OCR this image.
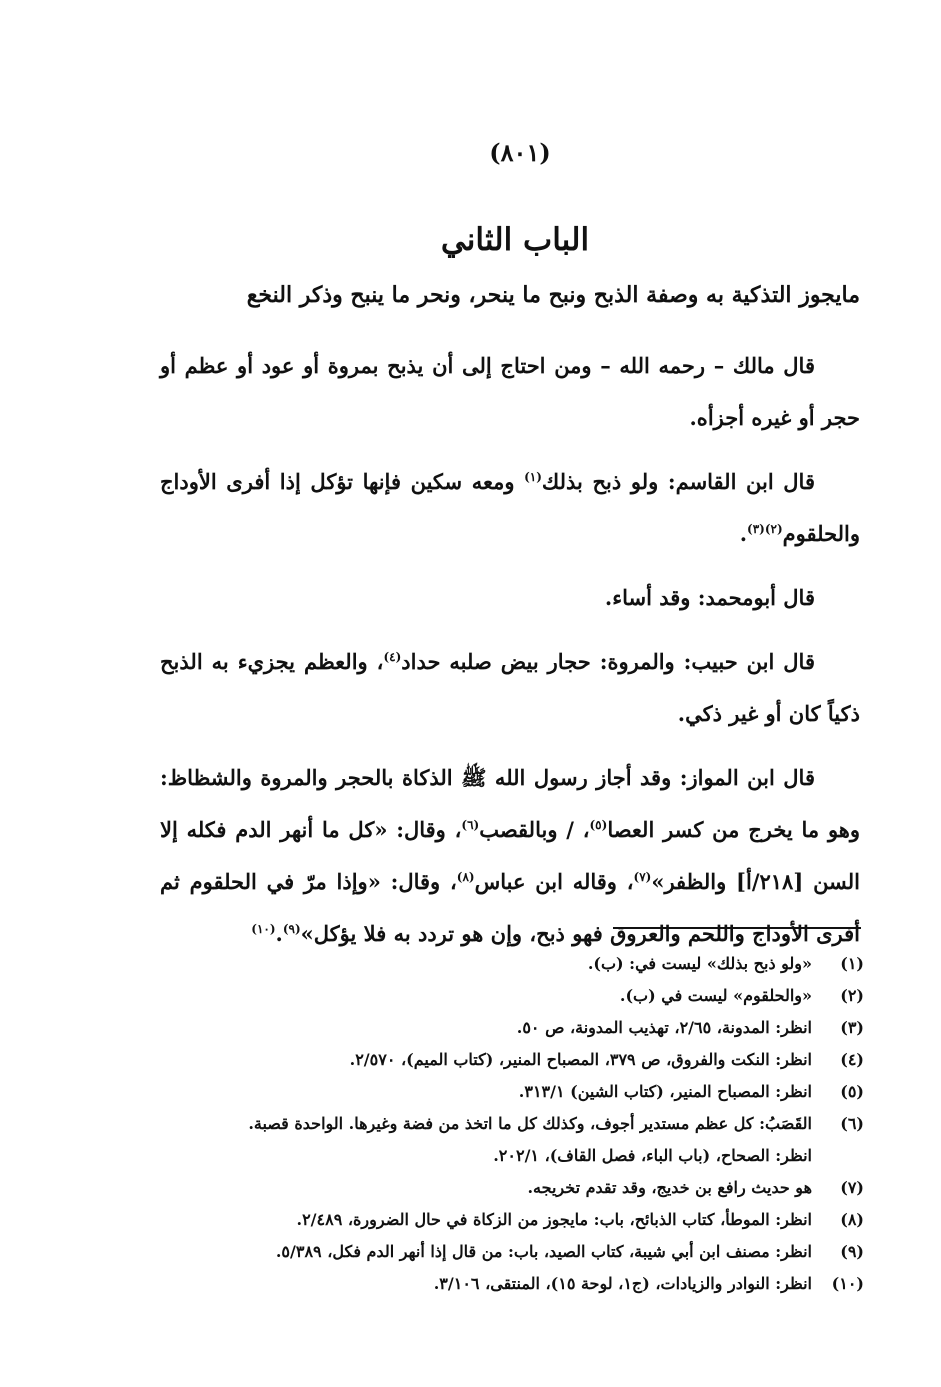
(٨٠١)
الباب الثاني
مايجوز التذكية به وصفة الذبح ونبح ما ينحر، ونحر ما ينبح وذكر النخع

قال مالك – رحمه الله – ومن احتاج إلى أن يذبح بمروة أو عود أو عظم أو حجر أو غيره أجزأه.

قال ابن القاسم: ولو ذبح بذلك$^{(١)}$ ومعه سكين فإنها تؤكل إذا أفرى الأوداج والحلقوم$^{(٢)(٣)}$.

قال أبومحمد: وقد أساء.

قال ابن حبيب: والمروة: حجار بيض صلبه حداد$^{(٤)}$، والعظم يجزيء به الذبح ذكياً كان أو غير ذكي.

قال ابن المواز: وقد أجاز رسول الله ﷺ الذكاة بالحجر والمروة والشظاظ: وهو ما يخرج من كسر العصا$^{(٥)}$، / وبالقصب$^{(٦)}$، وقال: «كل ما أنهر الدم فكله إلا السن [٢١٨/أ] والظفر»$^{(٧)}$، وقاله ابن عباس$^{(٨)}$، وقال: «وإذا مرّ في الحلقوم ثم أفرى الأوداج واللحم والعروق فهو ذبح، وإن هو تردد به فلا يؤكل»$^{(٩)}$.$^{(١٠)}$

(١)
«ولو ذبح بذلك» ليست في: (ب).
(٢)
«والحلقوم» ليست في (ب).
(٣)
انظر: المدونة، ٢/٦٥، تهذيب المدونة، ص ٥٠.
(٤)
انظر: النكت والفروق، ص ٣٧٩، المصباح المنير، (كتاب الميم)، ٢/٥٧٠.
(٥)
انظر: المصباح المنير، (كتاب الشين) ٣١٣/١.
(٦)
القَصَبُ: كل عظم مستدير أجوف، وكذلك كل ما اتخذ من فضة وغيرها. الواحدة قصبة.
انظر: الصحاح، (باب الباء، فصل القاف)، ٢٠٢/١.
(٧)
هو حديث رافع بن خديج، وقد تقدم تخريجه.
(٨)
انظر: الموطأ، كتاب الذبائح، باب: مايجوز من الزكاة في حال الضرورة، ٢/٤٨٩.
(٩)
انظر: مصنف ابن أبي شيبة، كتاب الصيد، باب: من قال إذا أنهر الدم فكل، ٥/٣٨٩.
(١٠)
انظر: النوادر والزيادات، (ج١، لوحة ١٥)، المنتقى، ٣/١٠٦.
